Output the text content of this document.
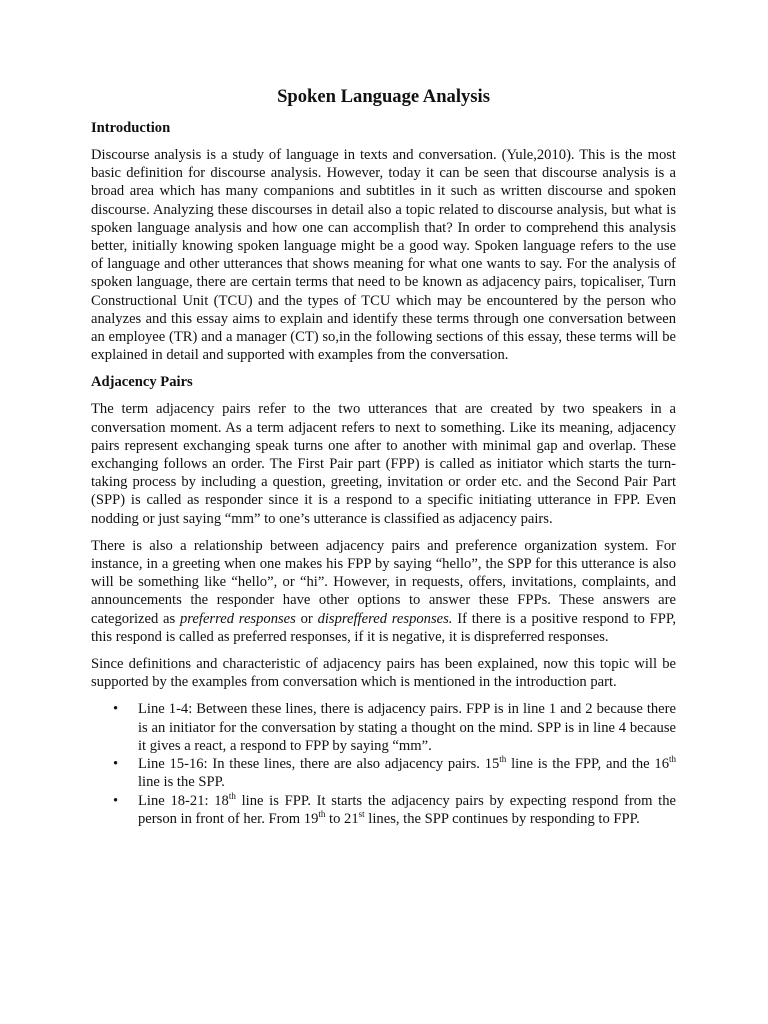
Spoken Language Analysis
Introduction

Discourse analysis is a study of language in texts and conversation. (Yule,2010). This is the most basic definition for discourse analysis. However, today it can be seen that discourse analysis is a broad area which has many companions and subtitles in it such as written discourse and spoken discourse. Analyzing these discourses in detail also a topic related to discourse analysis, but what is spoken language analysis and how one can accomplish that? In order to comprehend this analysis better, initially knowing spoken language might be a good way. Spoken language refers to the use of language and other utterances that shows meaning for what one wants to say. For the analysis of spoken language, there are certain terms that need to be known as adjacency pairs, topicaliser, Turn Constructional Unit (TCU) and the types of TCU which may be encountered by the person who analyzes and this essay aims to explain and identify these terms through one conversation between an employee (TR) and a manager (CT) so,in the following sections of this essay, these terms will be explained in detail and supported with examples from the conversation.

Adjacency Pairs

The term adjacency pairs refer to the two utterances that are created by two speakers in a conversation moment. As a term adjacent refers to next to something. Like its meaning, adjacency pairs represent exchanging speak turns one after to another with minimal gap and overlap. These exchanging follows an order. The First Pair part (FPP) is called as initiator which starts the turn-taking process by including a question, greeting, invitation or order etc. and the Second Pair Part (SPP) is called as responder since it is a respond to a specific initiating utterance in FPP. Even nodding or just saying “mm” to one’s utterance is classified as adjacency pairs.

There is also a relationship between adjacency pairs and preference organization system. For instance, in a greeting when one makes his FPP by saying “hello”, the SPP for this utterance is also will be something like “hello”, or “hi”. However, in requests, offers, invitations, complaints, and announcements the responder have other options to answer these FPPs. These answers are categorized as preferred responses or dispreffered responses. If there is a positive respond to FPP, this respond is called as preferred responses, if it is negative, it is dispreferred responses.

Since definitions and characteristic of adjacency pairs has been explained, now this topic will be supported by the examples from conversation which is mentioned in the introduction part.

• Line 1-4: Between these lines, there is adjacency pairs. FPP is in line 1 and 2 because there is an initiator for the conversation by stating a thought on the mind. SPP is in line 4 because it gives a react, a respond to FPP by saying “mm”.
• Line 15-16: In these lines, there are also adjacency pairs. 15th line is the FPP, and the 16th line is the SPP.
• Line 18-21: 18th line is FPP. It starts the adjacency pairs by expecting respond from the person in front of her. From 19th to 21st lines, the SPP continues by responding to FPP.
